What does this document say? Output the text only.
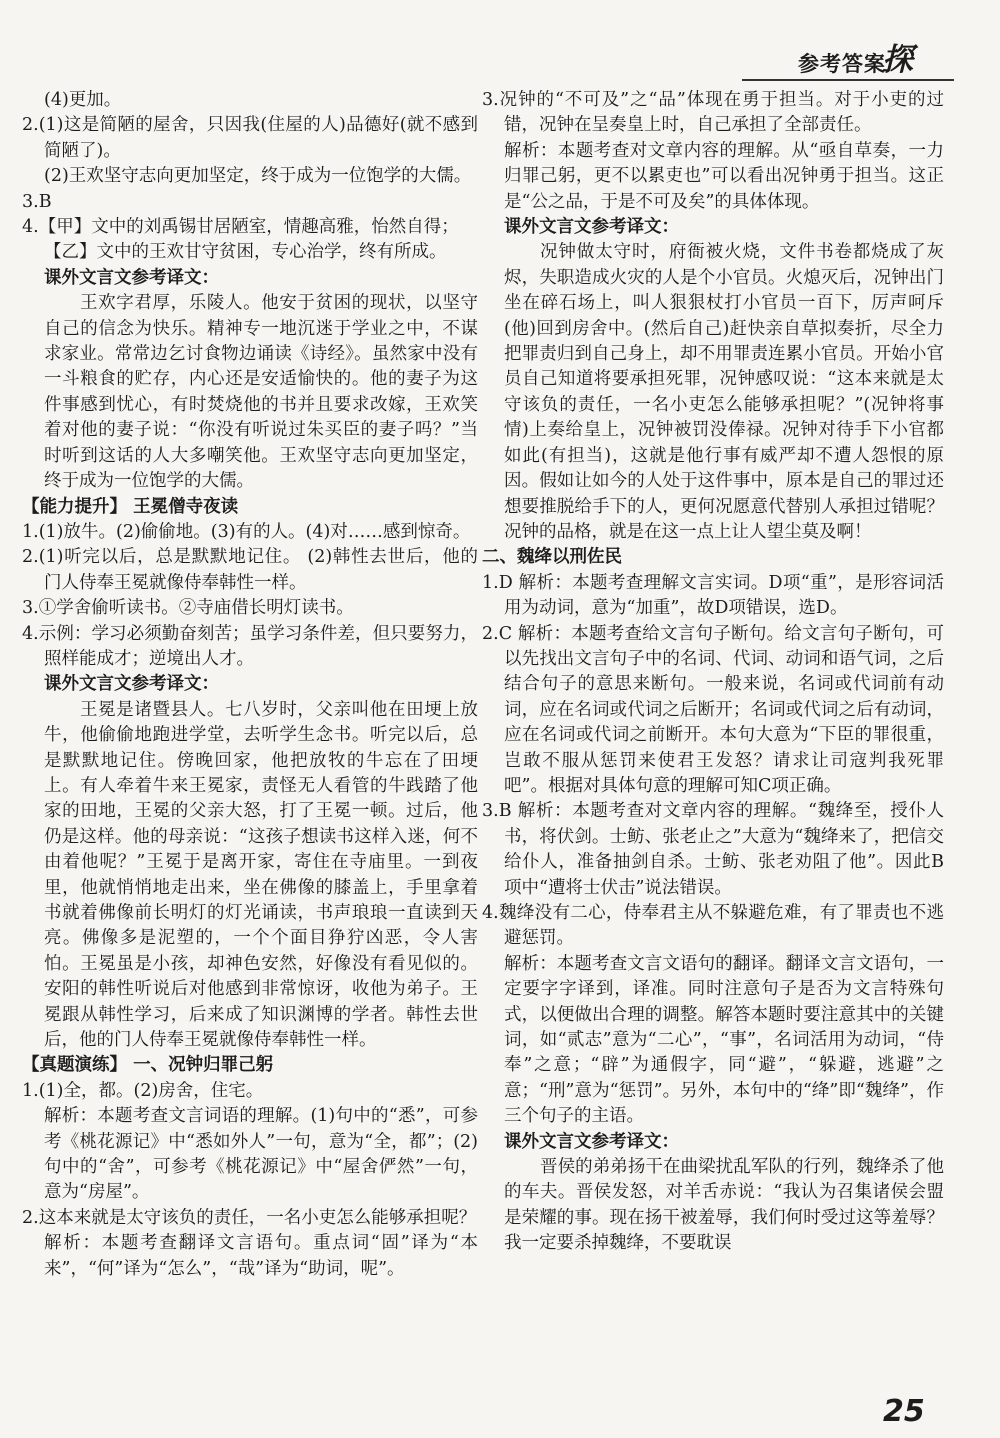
参考答案
探
(4)更加。
2.(1)这是简陋的屋舍，只因我(住屋的人)品德好(就不感到简陋了)。
(2)王欢坚守志向更加坚定，终于成为一位饱学的大儒。
3.B
4.【甲】文中的刘禹锡甘居陋室，情趣高雅，怡然自得；
【乙】文中的王欢甘守贫困，专心治学，终有所成。
课外文言文参考译文：
王欢字君厚，乐陵人。他安于贫困的现状，以坚守自己的信念为快乐。精神专一地沉迷于学业之中，不谋求家业。常常边乞讨食物边诵读《诗经》。虽然家中没有一斗粮食的贮存，内心还是安适愉快的。他的妻子为这件事感到忧心，有时焚烧他的书并且要求改嫁，王欢笑着对他的妻子说：“你没有听说过朱买臣的妻子吗？”当时听到这话的人大多嘲笑他。王欢坚守志向更加坚定，终于成为一位饱学的大儒。
【能力提升】 王冕僧寺夜读
1.(1)放牛。(2)偷偷地。(3)有的人。(4)对……感到惊奇。
2.(1)听完以后，总是默默地记住。 (2)韩性去世后，他的门人侍奉王冕就像侍奉韩性一样。
3.①学舍偷听读书。②寺庙借长明灯读书。
4.示例：学习必须勤奋刻苦；虽学习条件差，但只要努力，照样能成才；逆境出人才。
课外文言文参考译文：
王冕是诸暨县人。七八岁时，父亲叫他在田埂上放牛，他偷偷地跑进学堂，去听学生念书。听完以后，总是默默地记住。傍晚回家，他把放牧的牛忘在了田埂上。有人牵着牛来王冕家，责怪无人看管的牛践踏了他家的田地，王冕的父亲大怒，打了王冕一顿。过后，他仍是这样。他的母亲说：“这孩子想读书这样入迷，何不由着他呢？”王冕于是离开家，寄住在寺庙里。一到夜里，他就悄悄地走出来，坐在佛像的膝盖上，手里拿着书就着佛像前长明灯的灯光诵读，书声琅琅一直读到天亮。佛像多是泥塑的，一个个面目狰狞凶恶，令人害怕。王冕虽是小孩，却神色安然，好像没有看见似的。安阳的韩性听说后对他感到非常惊讶，收他为弟子。王冕跟从韩性学习，后来成了知识渊博的学者。韩性去世后，他的门人侍奉王冕就像侍奉韩性一样。
【真题演练】 一、况钟归罪己躬
1.(1)全，都。(2)房舍，住宅。
解析：本题考查文言词语的理解。(1)句中的“悉”，可参考《桃花源记》中“悉如外人”一句，意为“全，都”；(2)句中的“舍”，可参考《桃花源记》中“屋舍俨然”一句，意为“房屋”。
2.这本来就是太守该负的责任，一名小吏怎么能够承担呢？
解析：本题考查翻译文言语句。重点词“固”译为“本来”，“何”译为“怎么”，“哉”译为“助词，呢”。
3.况钟的“不可及”之“品”体现在勇于担当。对于小吏的过错，况钟在呈奏皇上时，自己承担了全部责任。
解析：本题考查对文章内容的理解。从“亟自草奏，一力归罪己躬，更不以累吏也”可以看出况钟勇于担当。这正是“公之品，于是不可及矣”的具体体现。
课外文言文参考译文：
况钟做太守时，府衙被火烧，文件书卷都烧成了灰烬，失职造成火灾的人是个小官员。火熄灭后，况钟出门坐在碎石场上，叫人狠狠杖打小官员一百下，厉声呵斥(他)回到房舍中。(然后自己)赶快亲自草拟奏折，尽全力把罪责归到自己身上，却不用罪责连累小官员。开始小官员自己知道将要承担死罪，况钟感叹说：“这本来就是太守该负的责任，一名小吏怎么能够承担呢？”(况钟将事情)上奏给皇上，况钟被罚没俸禄。况钟对待手下小官都如此(有担当)，这就是他行事有威严却不遭人怨恨的原因。假如让如今的人处于这件事中，原本是自己的罪过还想要推脱给手下的人，更何况愿意代替别人承担过错呢？况钟的品格，就是在这一点上让人望尘莫及啊！
二、魏绛以刑佐民
1.D 解析：本题考查理解文言实词。D项“重”，是形容词活用为动词，意为“加重”，故D项错误，选D。
2.C 解析：本题考查给文言句子断句。给文言句子断句，可以先找出文言句子中的名词、代词、动词和语气词，之后结合句子的意思来断句。一般来说，名词或代词前有动词，应在名词或代词之后断开；名词或代词之后有动词，应在名词或代词之前断开。本句大意为“下臣的罪很重，岂敢不服从惩罚来使君王发怒？请求让司寇判我死罪吧”。根据对具体句意的理解可知C项正确。
3.B 解析：本题考查对文章内容的理解。“魏绛至，授仆人书，将伏剑。士鲂、张老止之”大意为“魏绛来了，把信交给仆人，准备抽剑自杀。士鲂、张老劝阻了他”。因此B项中“遭将士伏击”说法错误。
4.魏绛没有二心，侍奉君主从不躲避危难，有了罪责也不逃避惩罚。
解析：本题考查文言文语句的翻译。翻译文言文语句，一定要字字译到，译准。同时注意句子是否为文言特殊句式，以便做出合理的调整。解答本题时要注意其中的关键词，如“贰志”意为“二心”，“事”，名词活用为动词，“侍奉”之意；“辟”为通假字，同“避”，“躲避，逃避”之意；“刑”意为“惩罚”。另外，本句中的“绛”即“魏绛”，作三个句子的主语。
课外文言文参考译文：
晋侯的弟弟扬干在曲梁扰乱军队的行列，魏绛杀了他的车夫。晋侯发怒，对羊舌赤说：“我认为召集诸侯会盟是荣耀的事。现在扬干被羞辱，我们何时受过这等羞辱？我一定要杀掉魏绛，不要耽误
25
